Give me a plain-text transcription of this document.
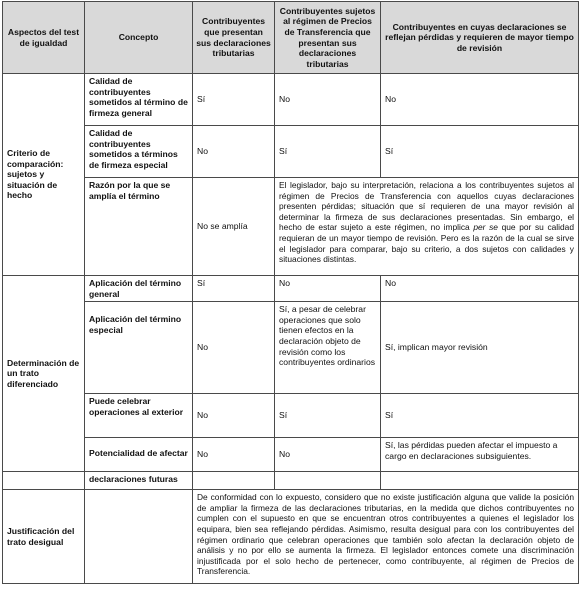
Aspectos del test de igualdad	Concepto	Contribuyentes que presentan sus declaraciones tributarias	Contribuyentes sujetos al régimen de Precios de Transferencia que presentan sus declaraciones tributarias	Contribuyentes en cuyas declaraciones se reflejan pérdidas y requieren de mayor tiempo de revisión
Criterio de comparación: sujetos y situación de hecho	Calidad de contribuyentes sometidos al término de firmeza general	Sí	No	No
	Calidad de contribuyentes sometidos a términos de firmeza especial	No	Sí	Sí
	Razón por la que se amplía el término	No se amplía	El legislador, bajo su interpretación, relaciona a los contribuyentes sujetos al régimen de Precios de Transferencia con aquellos cuyas declaraciones presenten pérdidas; situación que sí requieren de una mayor revisión al determinar la firmeza de sus declaraciones presentadas. Sin embargo, el hecho de estar sujeto a este régimen, no implica per se que por su calidad requieran de un mayor tiempo de revisión. Pero es la razón de la cual se sirve el legislador para comparar, bajo su criterio, a dos sujetos con calidades y situaciones distintas.	
Determinación de un trato diferenciado	Aplicación del término general	Sí	No	No
	Aplicación del término especial	No	Sí, a pesar de celebrar operaciones que solo tienen efectos en la declaración objeto de revisión como los contribuyentes ordinarios	Sí, implican mayor revisión
	Puede celebrar operaciones al exterior	No	Sí	Sí
	Potencialidad de afectar	No	No	Sí, las pérdidas pueden afectar el impuesto a cargo en declaraciones subsiguientes.
	declaraciones futuras			
Justificación del trato desigual		De conformidad con lo expuesto, considero que no existe justificación alguna que valide la posición de ampliar la firmeza de las declaraciones tributarias, en la medida que dichos contribuyentes no cumplen con el supuesto en que se encuentran otros contribuyentes a quienes el legislador los equipara, bien sea reflejando pérdidas. Asimismo, resulta desigual para con los contribuyentes del régimen ordinario que celebran operaciones que también solo afectan la declaración objeto de análisis y no por ello se aumenta la firmeza. El legislador entonces comete una discriminación injustificada por el solo hecho de pertenecer, como contribuyente, al régimen de Precios de Transferencia.		
